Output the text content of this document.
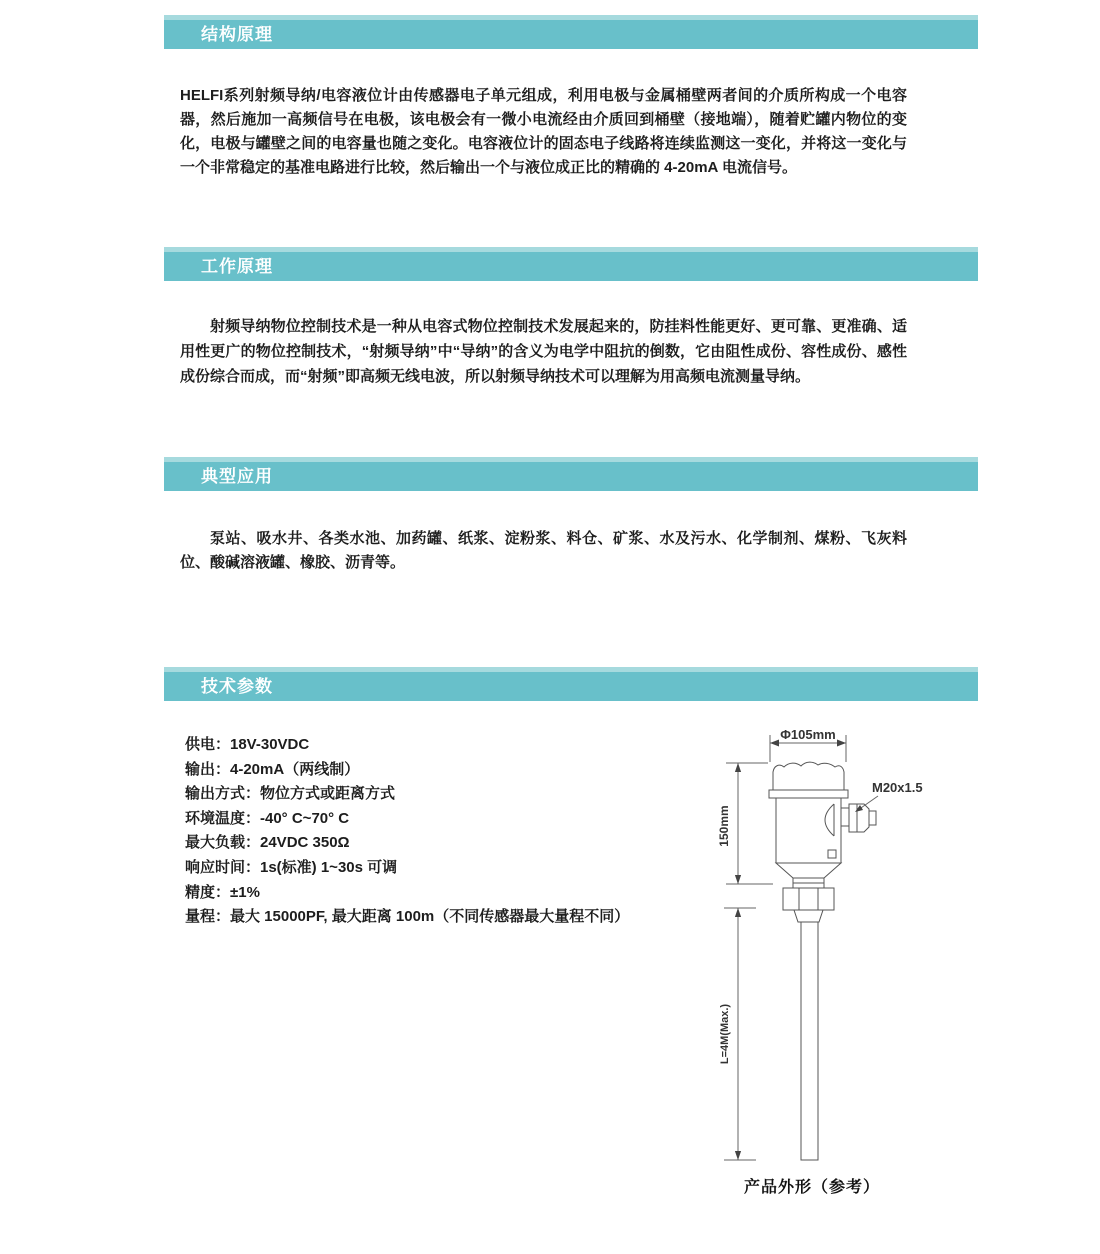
结构原理

HELFI系列射频导纳/电容液位计由传感器电子单元组成，利用电极与金属桶壁两者间的介质所构成一个电容器，然后施加一高频信号在电极，该电极会有一微小电流经由介质回到桶壁（接地端），随着贮罐内物位的变化，电极与罐壁之间的电容量也随之变化。电容液位计的固态电子线路将连续监测这一变化，并将这一变化与一个非常稳定的基准电路进行比较，然后输出一个与液位成正比的精确的 4-20mA 电流信号。

工作原理

射频导纳物位控制技术是一种从电容式物位控制技术发展起来的，防挂料性能更好、更可靠、更准确、适用性更广的物位控制技术，“射频导纳”中“导纳”的含义为电学中阻抗的倒数，它由阻性成份、容性成份、感性成份综合而成，而“射频”即高频无线电波，所以射频导纳技术可以理解为用高频电流测量导纳。

典型应用

泵站、吸水井、各类水池、加药罐、纸浆、淀粉浆、料仓、矿浆、水及污水、化学制剂、煤粉、飞灰料位、酸碱溶液罐、橡胶、沥青等。

技术参数
供电：18V-30VDC
输出：4-20mA（两线制）
输出方式：物位方式或距离方式
环境温度：-40° C~70° C
最大负载：24VDC 350Ω
响应时间：1s(标准) 1~30s 可调
精度：±1%
量程：最大 15000PF, 最大距离 100m（不同传感器最大量程不同）
Φ105mm
M20x1.5
150mm
L=4M(Max.)
产品外形（参考）
